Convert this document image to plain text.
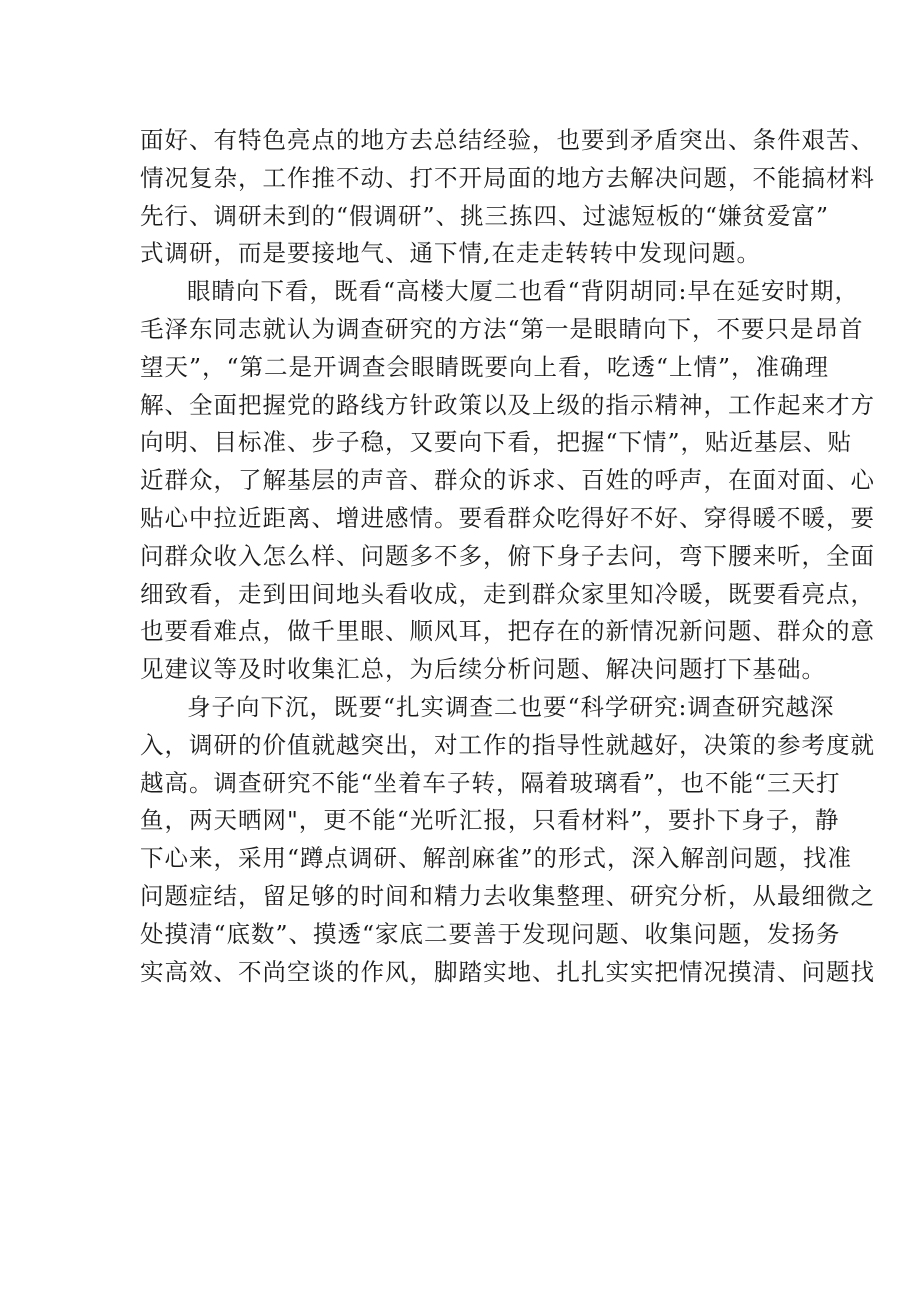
面好、有特色亮点的地方去总结经验，也要到矛盾突出、条件艰苦、
情况复杂，工作推不动、打不开局面的地方去解决问题，不能搞材料
先行、调研未到的“假调研”、挑三拣四、过滤短板的“嫌贫爱富”
式调研，而是要接地气、通下情,在走走转转中发现问题。
眼睛向下看，既看“高楼大厦二也看“背阴胡同:早在延安时期，
毛泽东同志就认为调查研究的方法“第一是眼睛向下，不要只是昂首
望天”，“第二是开调查会眼睛既要向上看，吃透“上情”，准确理
解、全面把握党的路线方针政策以及上级的指示精神，工作起来才方
向明、目标准、步子稳，又要向下看，把握“下情”，贴近基层、贴
近群众，了解基层的声音、群众的诉求、百姓的呼声，在面对面、心
贴心中拉近距离、增进感情。要看群众吃得好不好、穿得暖不暖，要
问群众收入怎么样、问题多不多，俯下身子去问，弯下腰来听，全面
细致看，走到田间地头看收成，走到群众家里知冷暖，既要看亮点，
也要看难点，做千里眼、顺风耳，把存在的新情况新问题、群众的意
见建议等及时收集汇总，为后续分析问题、解决问题打下基础。
身子向下沉，既要“扎实调查二也要“科学研究:调查研究越深
入，调研的价值就越突出，对工作的指导性就越好，决策的参考度就
越高。调查研究不能“坐着车子转，隔着玻璃看”，也不能“三天打
鱼，两天晒网"，更不能“光听汇报，只看材料”，要扑下身子，静
下心来，采用“蹲点调研、解剖麻雀”的形式，深入解剖问题，找准
问题症结，留足够的时间和精力去收集整理、研究分析，从最细微之
处摸清“底数”、摸透“家底二要善于发现问题、收集问题，发扬务
实高效、不尚空谈的作风，脚踏实地、扎扎实实把情况摸清、问题找
